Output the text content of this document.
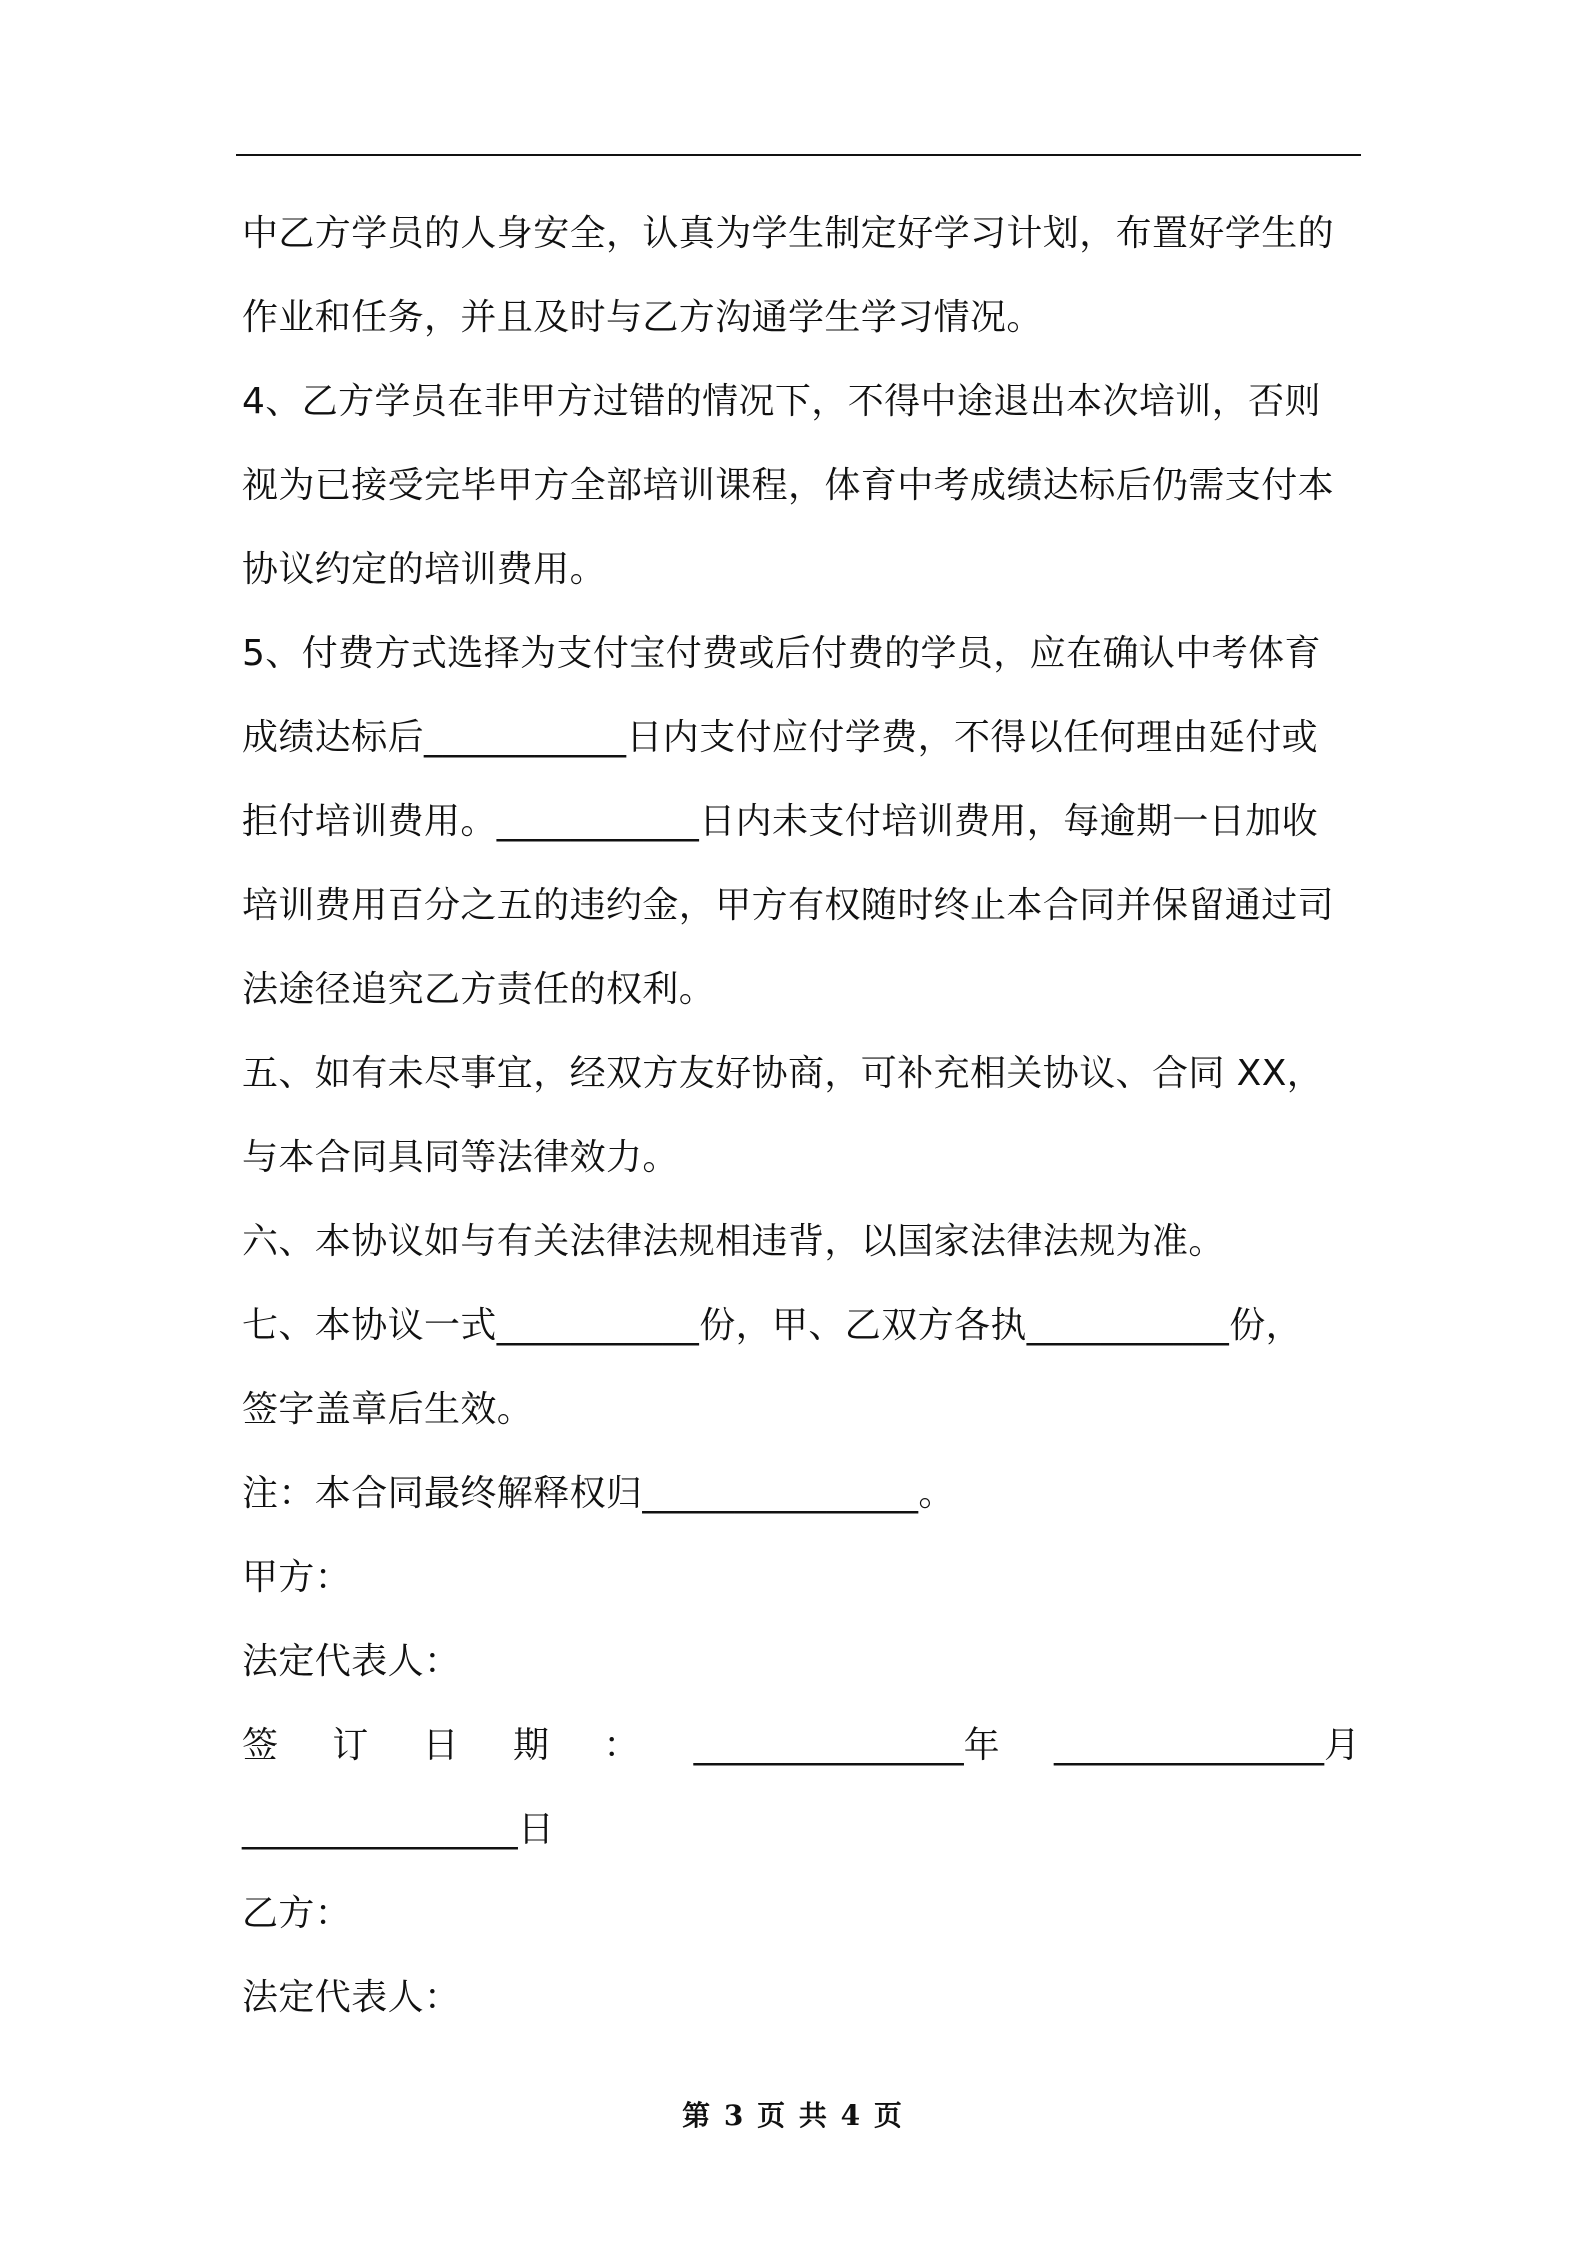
中乙方学员的人身安全，认真为学生制定好学习计划，布置好学生的
作业和任务，并且及时与乙方沟通学生学习情况。
4、乙方学员在非甲方过错的情况下，不得中途退出本次培训，否则
视为已接受完毕甲方全部培训课程，体育中考成绩达标后仍需支付本
协议约定的培训费用。
5、付费方式选择为支付宝付费或后付费的学员，应在确认中考体育
成绩达标后___________日内支付应付学费，不得以任何理由延付或
拒付培训费用。___________日内未支付培训费用，每逾期一日加收
培训费用百分之五的违约金，甲方有权随时终止本合同并保留通过司
法途径追究乙方责任的权利。
五、如有未尽事宜，经双方友好协商，可补充相关协议、合同 XX，
与本合同具同等法律效力。
六、本协议如与有关法律法规相违背，以国家法律法规为准。
七、本协议一式___________份，甲、乙双方各执___________份，
签字盖章后生效。
注：本合同最终解释权归_______________。
甲方：
法定代表人：
签 订 日 期 ： _______________年 _______________月
_______________日
乙方：
法定代表人：
第 3 页 共 4 页
